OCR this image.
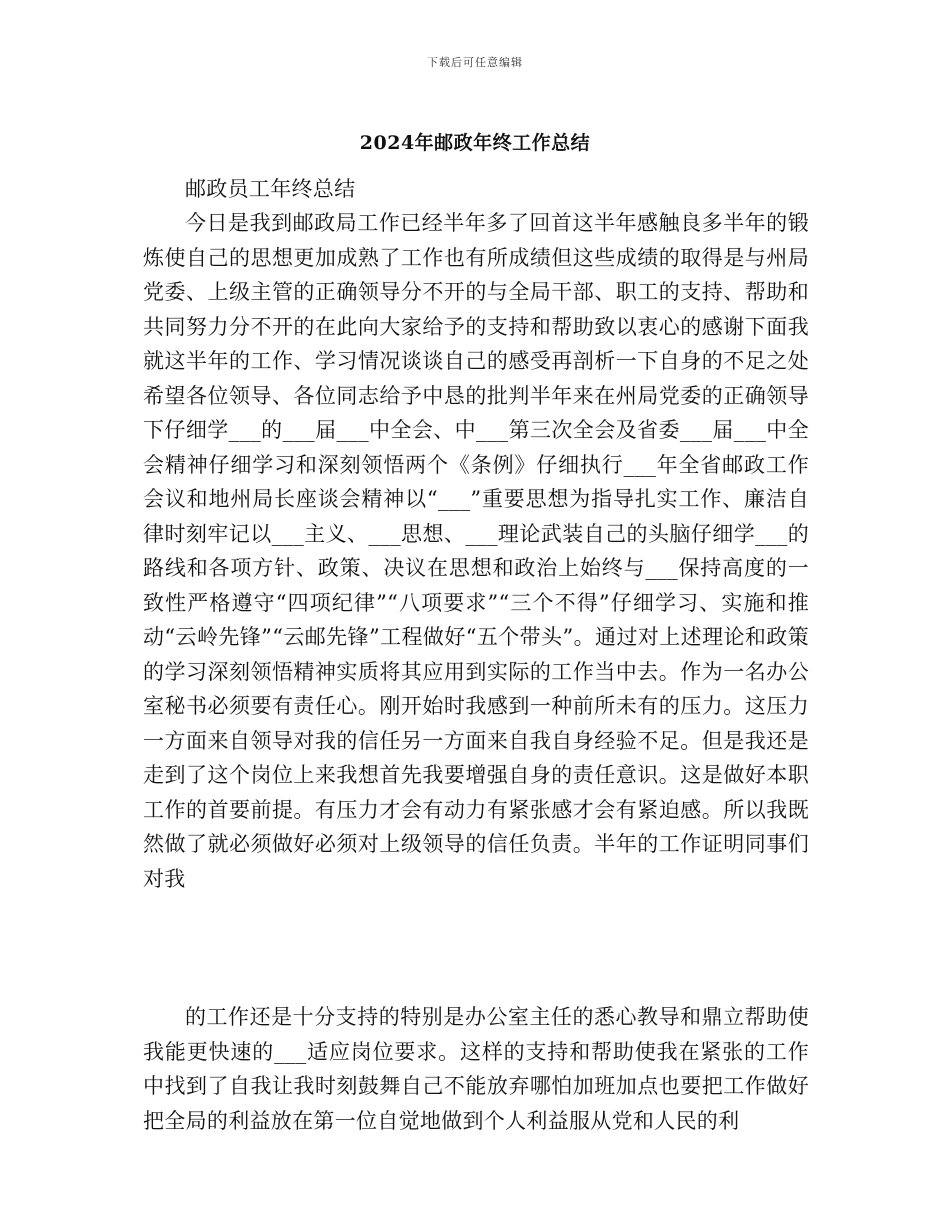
下载后可任意编辑
2024年邮政年终工作总结

邮政员工年终总结

今日是我到邮政局工作已经半年多了回首这半年感触良多半年的锻炼使自己的思想更加成熟了工作也有所成绩但这些成绩的取得是与州局党委、上级主管的正确领导分不开的与全局干部、职工的支持、帮助和共同努力分不开的在此向大家给予的支持和帮助致以衷心的感谢下面我就这半年的工作、学习情况谈谈自己的感受再剖析一下自身的不足之处希望各位领导、各位同志给予中恳的批判半年来在州局党委的正确领导下仔细学___的___届___中全会、中___第三次全会及省委___届___中全会精神仔细学习和深刻领悟两个《条例》仔细执行___年全省邮政工作会议和地州局长座谈会精神以“___”重要思想为指导扎实工作、廉洁自律时刻牢记以___主义、___思想、___理论武装自己的头脑仔细学___的路线和各项方针、政策、决议在思想和政治上始终与___保持高度的一致性严格遵守“四项纪律”“八项要求”“三个不得”仔细学习、实施和推动“云岭先锋”“云邮先锋”工程做好“五个带头”。通过对上述理论和政策的学习深刻领悟精神实质将其应用到实际的工作当中去。作为一名办公室秘书必须要有责任心。刚开始时我感到一种前所未有的压力。这压力一方面来自领导对我的信任另一方面来自我自身经验不足。但是我还是走到了这个岗位上来我想首先我要增强自身的责任意识。这是做好本职工作的首要前提。有压力才会有动力有紧张感才会有紧迫感。所以我既然做了就必须做好必须对上级领导的信任负责。半年的工作证明同事们对我

的工作还是十分支持的特别是办公室主任的悉心教导和鼎立帮助使我能更快速的___适应岗位要求。这样的支持和帮助使我在紧张的工作中找到了自我让我时刻鼓舞自己不能放弃哪怕加班加点也要把工作做好把全局的利益放在第一位自觉地做到个人利益服从党和人民的利
